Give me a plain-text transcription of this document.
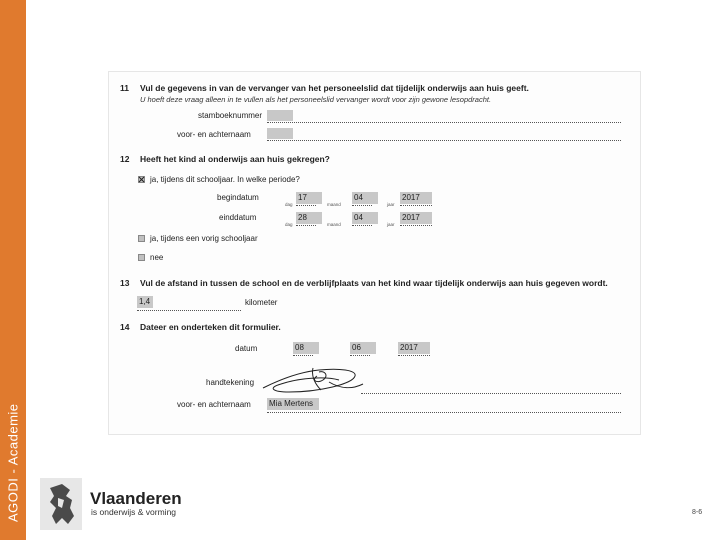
AGODI - Academie
11 Vul de gegevens in van de vervanger van het personeelslid dat tijdelijk onderwijs aan huis geeft.
U hoeft deze vraag alleen in te vullen als het personeelslid vervanger wordt voor zijn gewone lesopdracht.
stamboeknummer
voor- en achternaam
12 Heeft het kind al onderwijs aan huis gekregen?
ja, tijdens dit schooljaar. In welke periode?
begindatum	17	04	2017
dag	maand	jaar
einddatum	28	04	2017
dag	maand	jaar
ja, tijdens een vorig schooljaar
nee
13 Vul de afstand in tussen de school en de verblijfplaats van het kind waar tijdelijk onderwijs aan huis gegeven wordt.
1,4	kilometer
14 Dateer en onderteken dit formulier.
datum	08	06	2017
handtekening
voor- en achternaam Mia Mertens
Vlaanderen
is onderwijs & vorming	8-6
